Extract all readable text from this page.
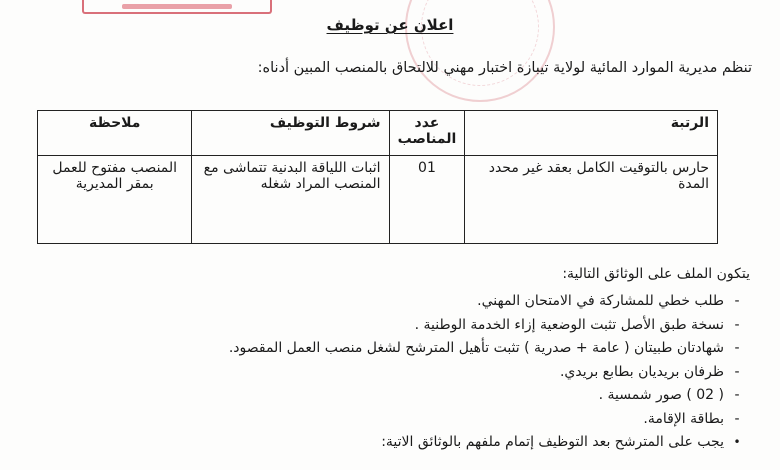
اعلان عن توظيف
تنظم مديرية الموارد المائية لولاية تيبازة اختبار مهني للالتحاق بالمنصب المبين أدناه:
الرتبة	عدد المناصب	شروط التوظيف	ملاحظة
حارس بالتوقيت الكامل بعقد غير محدد المدة	01	اثبات اللياقة البدنية تتماشى مع المنصب المراد شغله	المنصب مفتوح للعمل بمقر المديرية
يتكون الملف على الوثائق التالية:
-طلب خطي للمشاركة في الامتحان المهني.
-نسخة طبق الأصل تثبت الوضعية إزاء الخدمة الوطنية .
-شهادتان طبيتان ( عامة + صدرية ) تثبت تأهيل المترشح لشغل منصب العمل المقصود.
-ظرفان بريديان بطابع بريدي.
-( 02 ) صور شمسية .
-بطاقة الإقامة.
•يجب على المترشح بعد التوظيف إتمام ملفهم بالوثائق الاتية:
